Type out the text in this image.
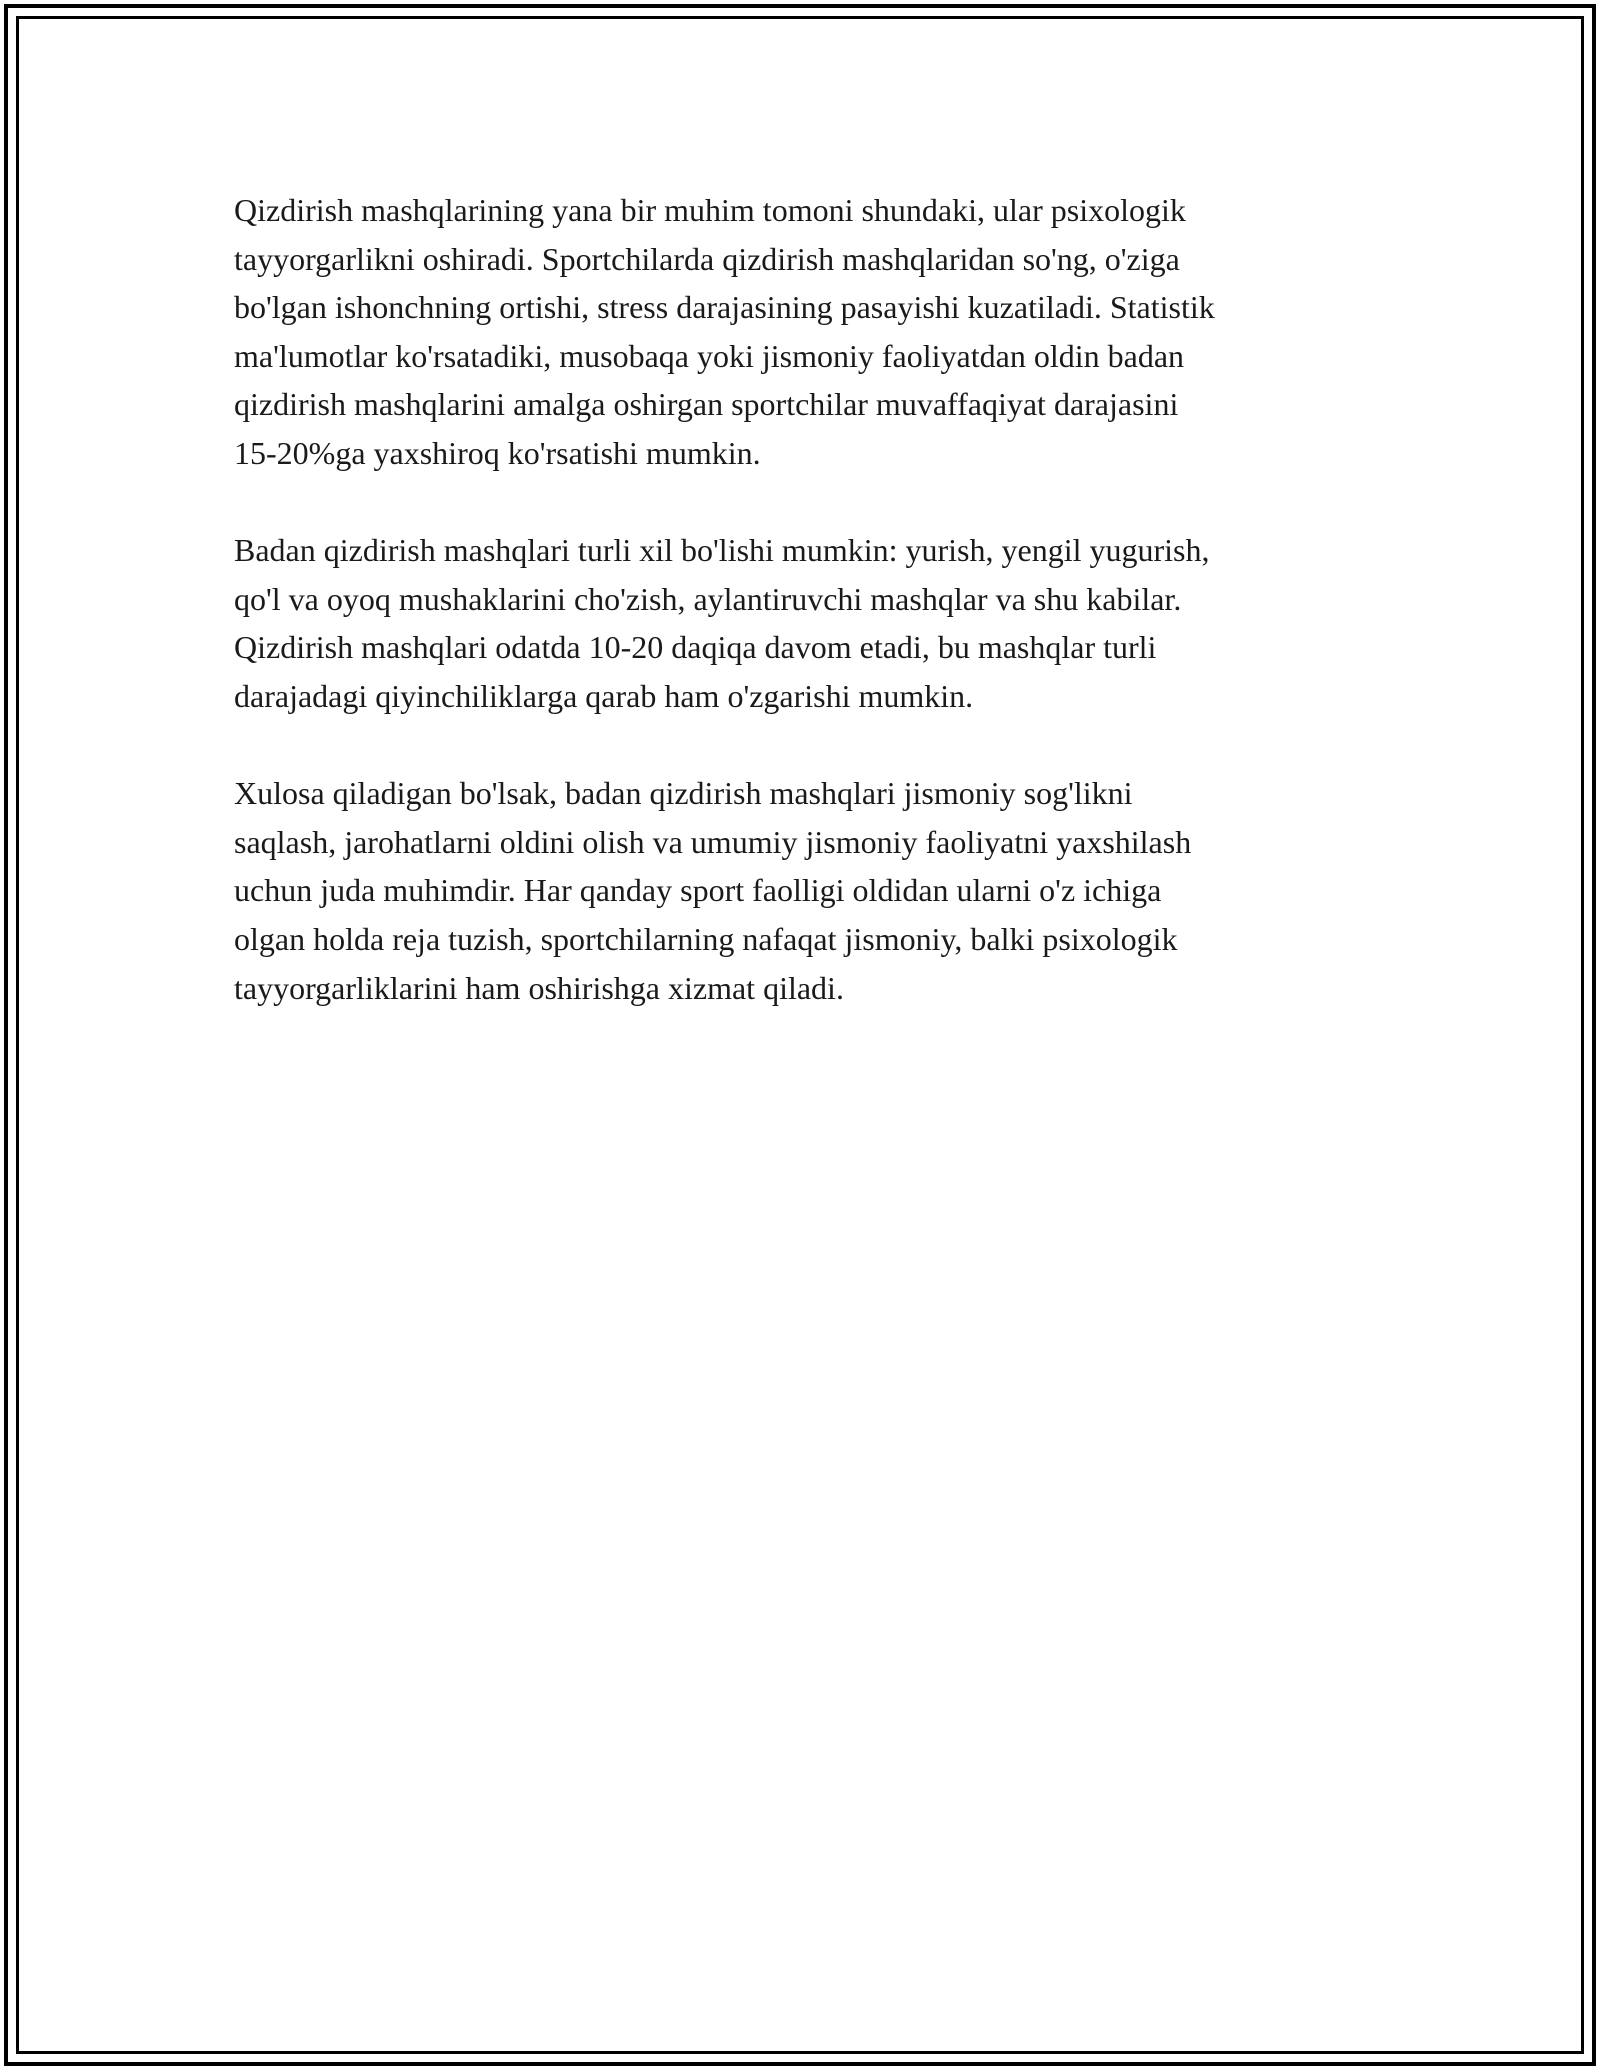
Qizdirish mashqlarining yana bir muhim tomoni shundaki, ular psixologik
tayyorgarlikni oshiradi. Sportchilarda qizdirish mashqlaridan so'ng, o'ziga
bo'lgan ishonchning ortishi, stress darajasining pasayishi kuzatiladi. Statistik
ma'lumotlar ko'rsatadiki, musobaqa yoki jismoniy faoliyatdan oldin badan
qizdirish mashqlarini amalga oshirgan sportchilar muvaffaqiyat darajasini
15-20%ga yaxshiroq ko'rsatishi mumkin.

Badan qizdirish mashqlari turli xil bo'lishi mumkin: yurish, yengil yugurish,
qo'l va oyoq mushaklarini cho'zish, aylantiruvchi mashqlar va shu kabilar.
Qizdirish mashqlari odatda 10-20 daqiqa davom etadi, bu mashqlar turli
darajadagi qiyinchiliklarga qarab ham o'zgarishi mumkin.

Xulosa qiladigan bo'lsak, badan qizdirish mashqlari jismoniy sog'likni
saqlash, jarohatlarni oldini olish va umumiy jismoniy faoliyatni yaxshilash
uchun juda muhimdir. Har qanday sport faolligi oldidan ularni o'z ichiga
olgan holda reja tuzish, sportchilarning nafaqat jismoniy, balki psixologik
tayyorgarliklarini ham oshirishga xizmat qiladi.
